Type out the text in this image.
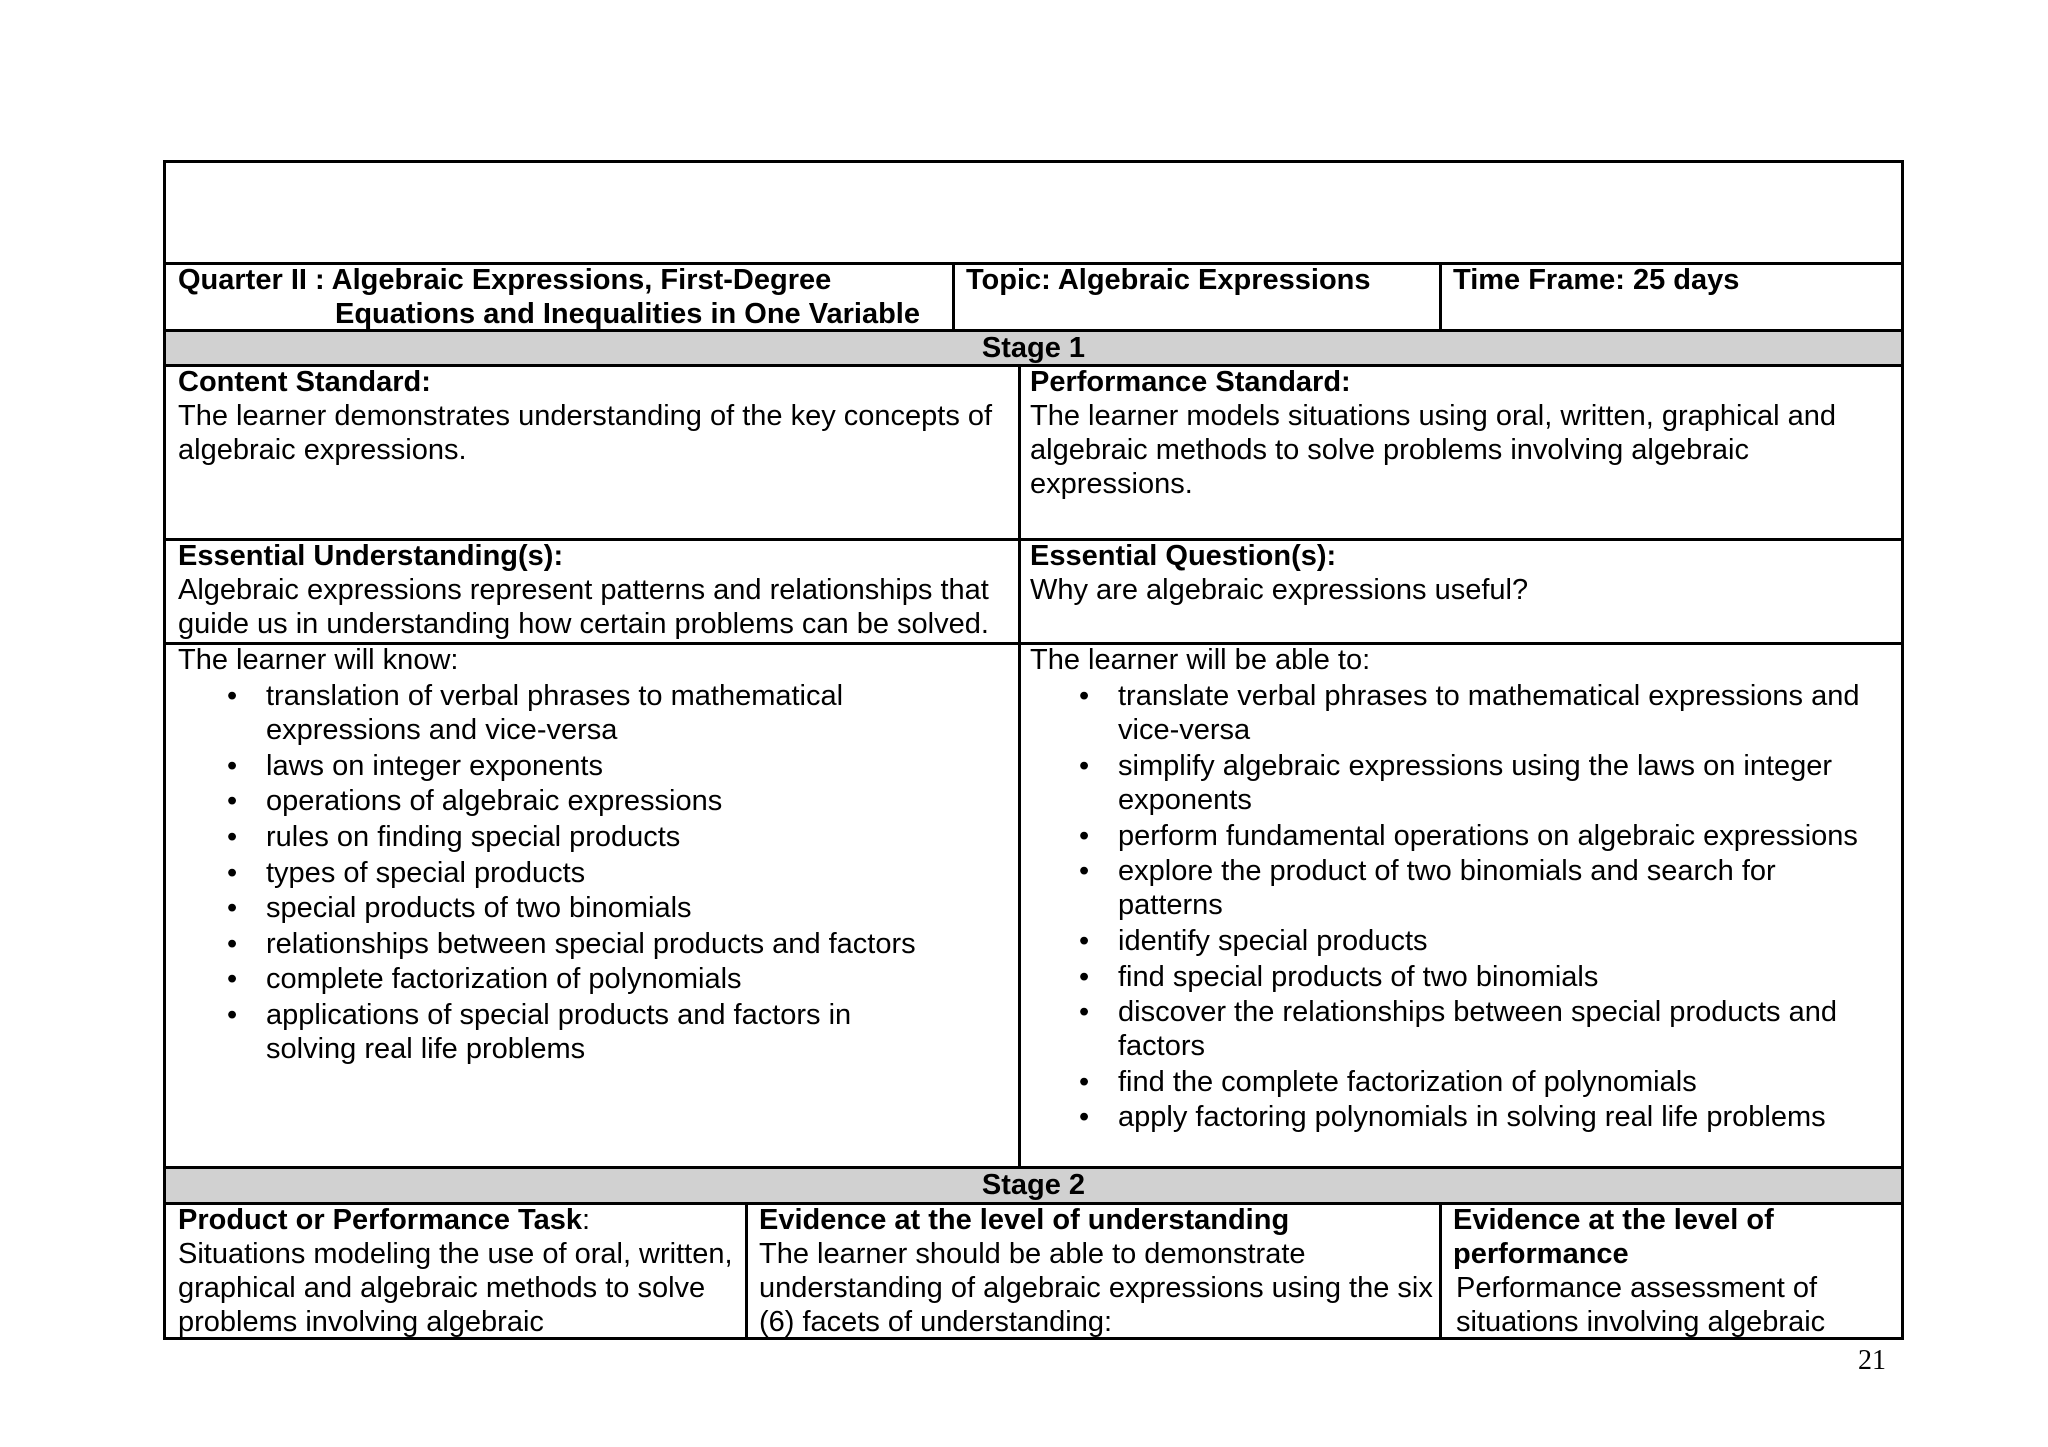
Quarter II : Algebraic Expressions, First-Degree
Equations and Inequalities in One Variable
Topic: Algebraic Expressions	Time Frame: 25 days
Stage 1
Content Standard:
The learner demonstrates understanding of the key concepts of algebraic expressions.
Performance Standard:
The learner models situations using oral, written, graphical and algebraic methods to solve problems involving algebraic expressions.
Essential Understanding(s):
Algebraic expressions represent patterns and relationships that guide us in understanding how certain problems can be solved.
Essential Question(s):
Why are algebraic expressions useful?
The learner will know:
• translation of verbal phrases to mathematical expressions and vice-versa
• laws on integer exponents
• operations of algebraic expressions
• rules on finding special products
• types of special products
• special products of two binomials
• relationships between special products and factors
• complete factorization of polynomials
• applications of special products and factors in solving real life problems
The learner will be able to:
• translate verbal phrases to mathematical expressions and vice-versa
• simplify algebraic expressions using the laws on integer exponents
• perform fundamental operations on algebraic expressions
• explore the product of two binomials and search for patterns
• identify special products
• find special products of two binomials
• discover the relationships between special products and factors
• find the complete factorization of polynomials
• apply factoring polynomials in solving real life problems
Stage 2
Product or Performance Task:
Situations modeling the use of oral, written, graphical and algebraic methods to solve problems involving algebraic
Evidence at the level of understanding
The learner should be able to demonstrate understanding of algebraic expressions using the six (6) facets of understanding:
Evidence at the level of performance
Performance assessment of situations involving algebraic
21
